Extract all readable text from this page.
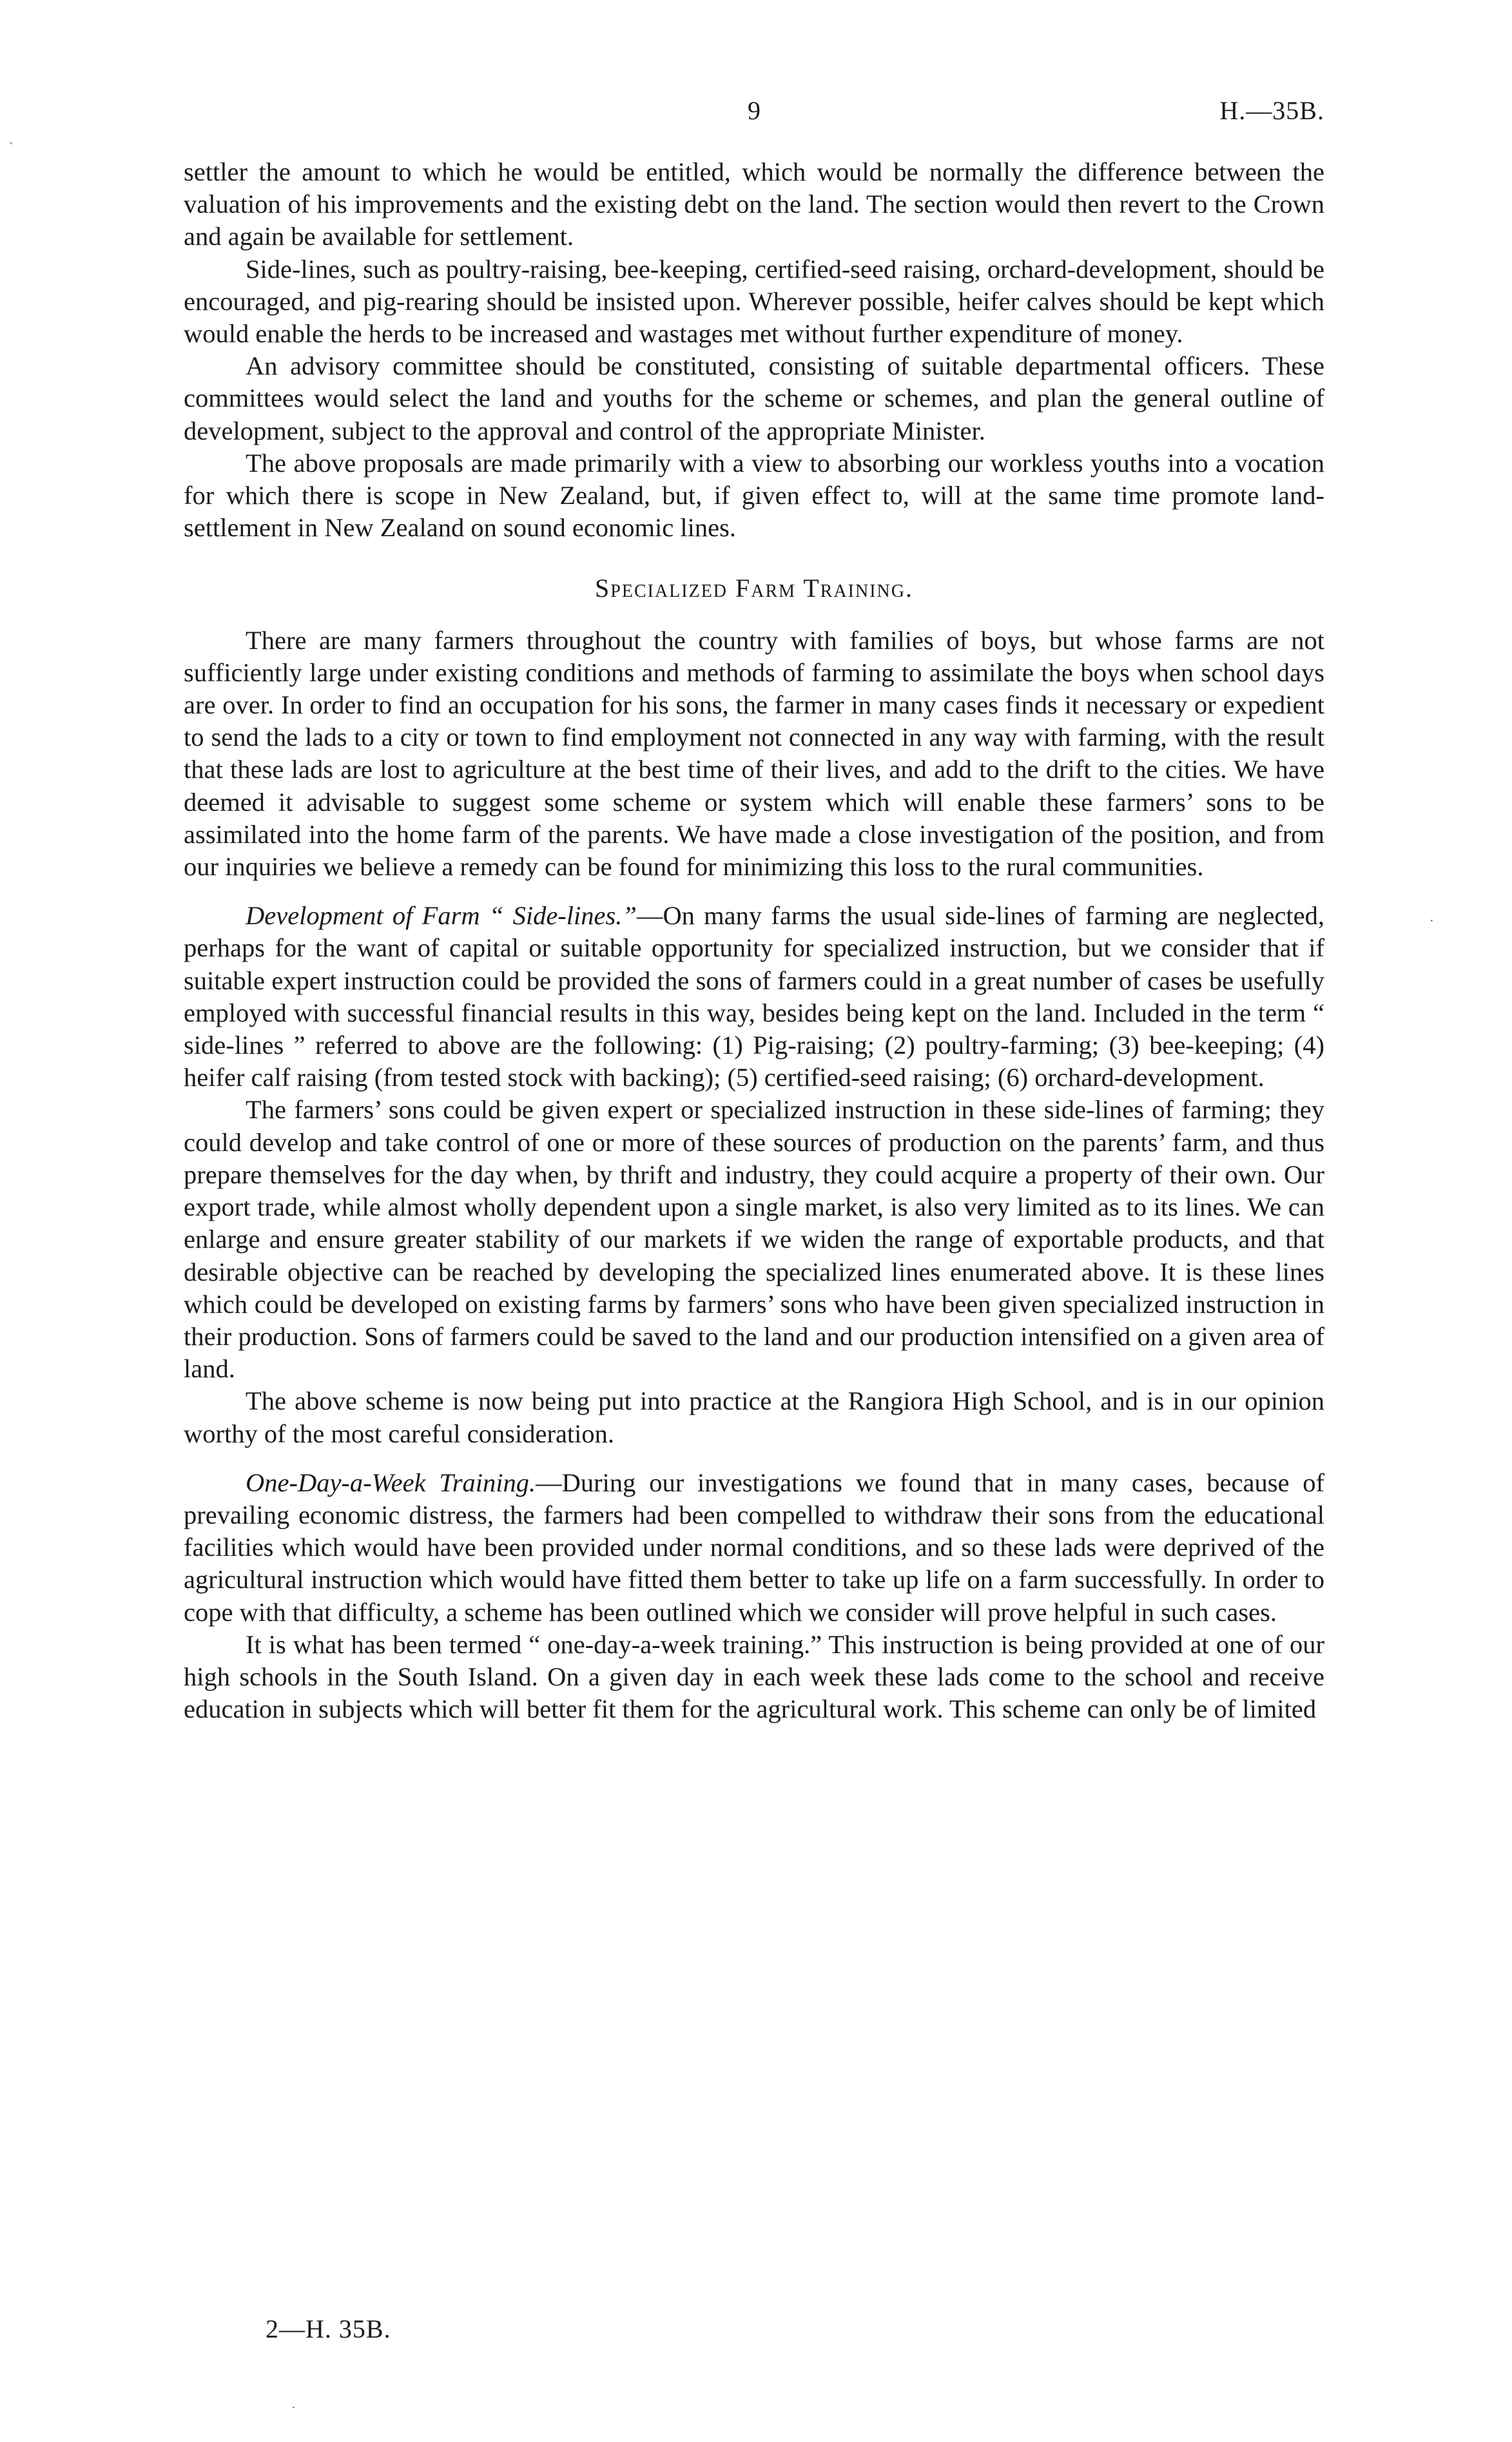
9	H.—35B.

settler the amount to which he would be entitled, which would be normally the difference between the valuation of his improvements and the existing debt on the land. The section would then revert to the Crown and again be available for settlement.

Side-lines, such as poultry-raising, bee-keeping, certified-seed raising, orchard-development, should be encouraged, and pig-rearing should be insisted upon. Wherever possible, heifer calves should be kept which would enable the herds to be increased and wastages met without further expenditure of money.

An advisory committee should be constituted, consisting of suitable departmental officers. These committees would select the land and youths for the scheme or schemes, and plan the general outline of development, subject to the approval and control of the appropriate Minister.

The above proposals are made primarily with a view to absorbing our workless youths into a vocation for which there is scope in New Zealand, but, if given effect to, will at the same time promote land-settlement in New Zealand on sound economic lines.

Specialized Farm Training.

There are many farmers throughout the country with families of boys, but whose farms are not sufficiently large under existing conditions and methods of farming to assimilate the boys when school days are over. In order to find an occupation for his sons, the farmer in many cases finds it necessary or expedient to send the lads to a city or town to find employment not connected in any way with farming, with the result that these lads are lost to agriculture at the best time of their lives, and add to the drift to the cities. We have deemed it advisable to suggest some scheme or system which will enable these farmers’ sons to be assimilated into the home farm of the parents. We have made a close investigation of the position, and from our inquiries we believe a remedy can be found for minimizing this loss to the rural communities.

Development of Farm “ Side-lines.”—On many farms the usual side-lines of farming are neglected, perhaps for the want of capital or suitable opportunity for specialized instruction, but we consider that if suitable expert instruction could be provided the sons of farmers could in a great number of cases be usefully employed with successful financial results in this way, besides being kept on the land. Included in the term “ side-lines ” referred to above are the following: (1) Pig-raising; (2) poultry-farming; (3) bee-keeping; (4) heifer calf raising (from tested stock with backing); (5) certified-seed raising; (6) orchard-development.

The farmers’ sons could be given expert or specialized instruction in these side-lines of farming; they could develop and take control of one or more of these sources of production on the parents’ farm, and thus prepare themselves for the day when, by thrift and industry, they could acquire a property of their own. Our export trade, while almost wholly dependent upon a single market, is also very limited as to its lines. We can enlarge and ensure greater stability of our markets if we widen the range of exportable products, and that desirable objective can be reached by developing the specialized lines enumerated above. It is these lines which could be developed on existing farms by farmers’ sons who have been given specialized instruction in their production. Sons of farmers could be saved to the land and our production intensified on a given area of land.

The above scheme is now being put into practice at the Rangiora High School, and is in our opinion worthy of the most careful consideration.

One-Day-a-Week Training.—During our investigations we found that in many cases, because of prevailing economic distress, the farmers had been compelled to withdraw their sons from the educational facilities which would have been provided under normal conditions, and so these lads were deprived of the agricultural instruction which would have fitted them better to take up life on a farm successfully. In order to cope with that difficulty, a scheme has been outlined which we consider will prove helpful in such cases.

It is what has been termed “ one-day-a-week training.” This instruction is being provided at one of our high schools in the South Island. On a given day in each week these lads come to the school and receive education in subjects which will better fit them for the agricultural work. This scheme can only be of limited

2—H. 35B.
`
·
·
